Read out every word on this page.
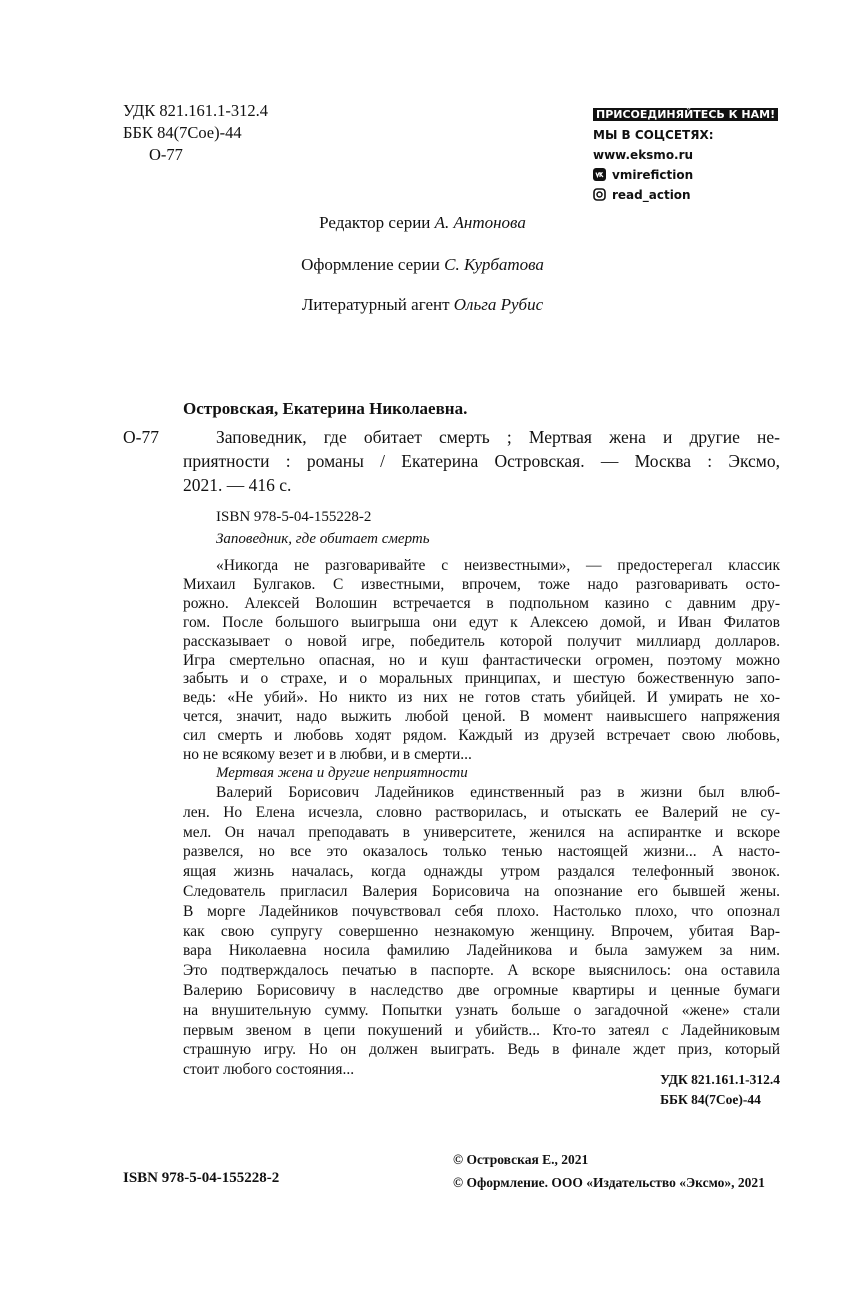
УДК 821.161.1-312.4
ББК 84(7Сое)-44
О-77
ПРИСОЕДИНЯЙТЕСЬ К НАМ!
МЫ В СОЦСЕТЯХ:
www.eksmo.ru
vmirefiction
read_action
Редактор серии А. Антонова
Оформление серии С. Курбатова
Литературный агент Ольга Рубис
Островская, Екатерина Николаевна.
О-77	Заповедник, где обитает смерть ; Мертвая жена и другие не-
приятности : романы / Екатерина Островская. — Москва : Эксмо,
2021. — 416 с.
ISBN 978-5-04-155228-2
Заповедник, где обитает смерть
Мертвая жена и другие неприятности
УДК 821.161.1-312.4
ББК 84(7Сое)-44
ISBN 978-5-04-155228-2
© Островская Е., 2021
© Оформление. ООО «Издательство «Эксмо», 2021
«Никогда не разговаривайте с неизвестными», — предостерегал классик
Михаил Булгаков. С известными, впрочем, тоже надо разговаривать осто-
рожно. Алексей Волошин встречается в подпольном казино с давним дру-
гом. После большого выигрыша они едут к Алексею домой, и Иван Филатов
рассказывает о новой игре, победитель которой получит миллиард долларов.
Игра смертельно опасная, но и куш фантастически огромен, поэтому можно
забыть и о страхе, и о моральных принципах, и шестую божественную запо-
ведь: «Не убий». Но никто из них не готов стать убийцей. И умирать не хо-
чется, значит, надо выжить любой ценой. В момент наивысшего напряжения
сил смерть и любовь ходят рядом. Каждый из друзей встречает свою любовь,
но не всякому везет и в любви, и в смерти...
Валерий Борисович Ладейников единственный раз в жизни был влюб-
лен. Но Елена исчезла, словно растворилась, и отыскать ее Валерий не су-
мел. Он начал преподавать в университете, женился на аспирантке и вскоре
развелся, но все это оказалось только тенью настоящей жизни... А насто-
ящая жизнь началась, когда однажды утром раздался телефонный звонок.
Следователь пригласил Валерия Борисовича на опознание его бывшей жены.
В морге Ладейников почувствовал себя плохо. Настолько плохо, что опознал
как свою супругу совершенно незнакомую женщину. Впрочем, убитая Вар-
вара Николаевна носила фамилию Ладейникова и была замужем за ним.
Это подтверждалось печатью в паспорте. А вскоре выяснилось: она оставила
Валерию Борисовичу в наследство две огромные квартиры и ценные бумаги
на внушительную сумму. Попытки узнать больше о загадочной «жене» стали
первым звеном в цепи покушений и убийств... Кто-то затеял с Ладейниковым
страшную игру. Но он должен выиграть. Ведь в финале ждет приз, который
стоит любого состояния...
